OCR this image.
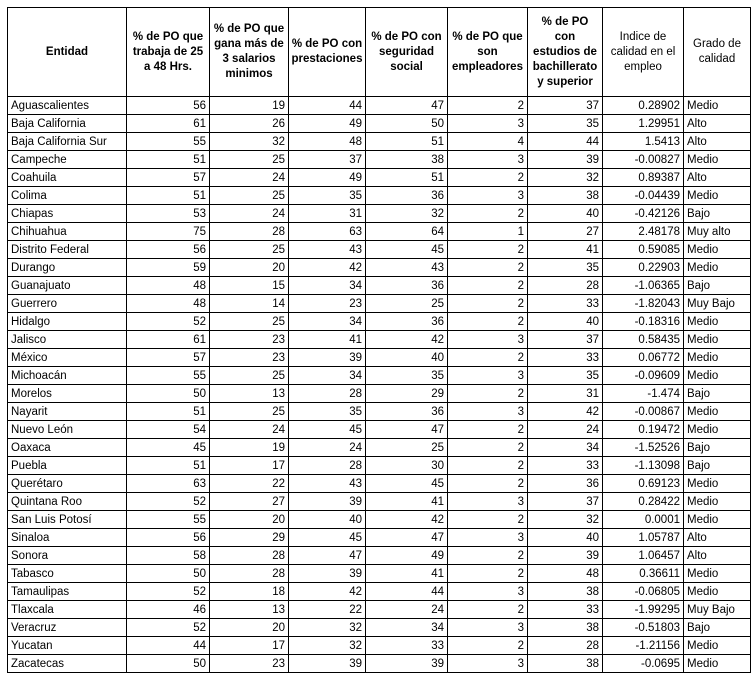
Entidad	% de PO que trabaja de 25 a 48 Hrs.	% de PO que gana más de 3 salarios minimos	% de PO con prestaciones	% de PO con seguridad social	% de PO que son empleadores	% de PO con estudios de bachillerato y superior	Indice de calidad en el empleo	Grado de calidad
Aguascalientes	56	19	44	47	2	37	0.28902	Medio
Baja California	61	26	49	50	3	35	1.29951	Alto
Baja California Sur	55	32	48	51	4	44	1.5413	Alto
Campeche	51	25	37	38	3	39	-0.00827	Medio
Coahuila	57	24	49	51	2	32	0.89387	Alto
Colima	51	25	35	36	3	38	-0.04439	Medio
Chiapas	53	24	31	32	2	40	-0.42126	Bajo
Chihuahua	75	28	63	64	1	27	2.48178	Muy alto
Distrito Federal	56	25	43	45	2	41	0.59085	Medio
Durango	59	20	42	43	2	35	0.22903	Medio
Guanajuato	48	15	34	36	2	28	-1.06365	Bajo
Guerrero	48	14	23	25	2	33	-1.82043	Muy Bajo
Hidalgo	52	25	34	36	2	40	-0.18316	Medio
Jalisco	61	23	41	42	3	37	0.58435	Medio
México	57	23	39	40	2	33	0.06772	Medio
Michoacán	55	25	34	35	3	35	-0.09609	Medio
Morelos	50	13	28	29	2	31	-1.474	Bajo
Nayarit	51	25	35	36	3	42	-0.00867	Medio
Nuevo León	54	24	45	47	2	24	0.19472	Medio
Oaxaca	45	19	24	25	2	34	-1.52526	Bajo
Puebla	51	17	28	30	2	33	-1.13098	Bajo
Querétaro	63	22	43	45	2	36	0.69123	Medio
Quintana Roo	52	27	39	41	3	37	0.28422	Medio
San Luis Potosí	55	20	40	42	2	32	0.0001	Medio
Sinaloa	56	29	45	47	3	40	1.05787	Alto
Sonora	58	28	47	49	2	39	1.06457	Alto
Tabasco	50	28	39	41	2	48	0.36611	Medio
Tamaulipas	52	18	42	44	3	38	-0.06805	Medio
Tlaxcala	46	13	22	24	2	33	-1.99295	Muy Bajo
Veracruz	52	20	32	34	3	38	-0.51803	Bajo
Yucatan	44	17	32	33	2	28	-1.21156	Medio
Zacatecas	50	23	39	39	3	38	-0.0695	Medio
